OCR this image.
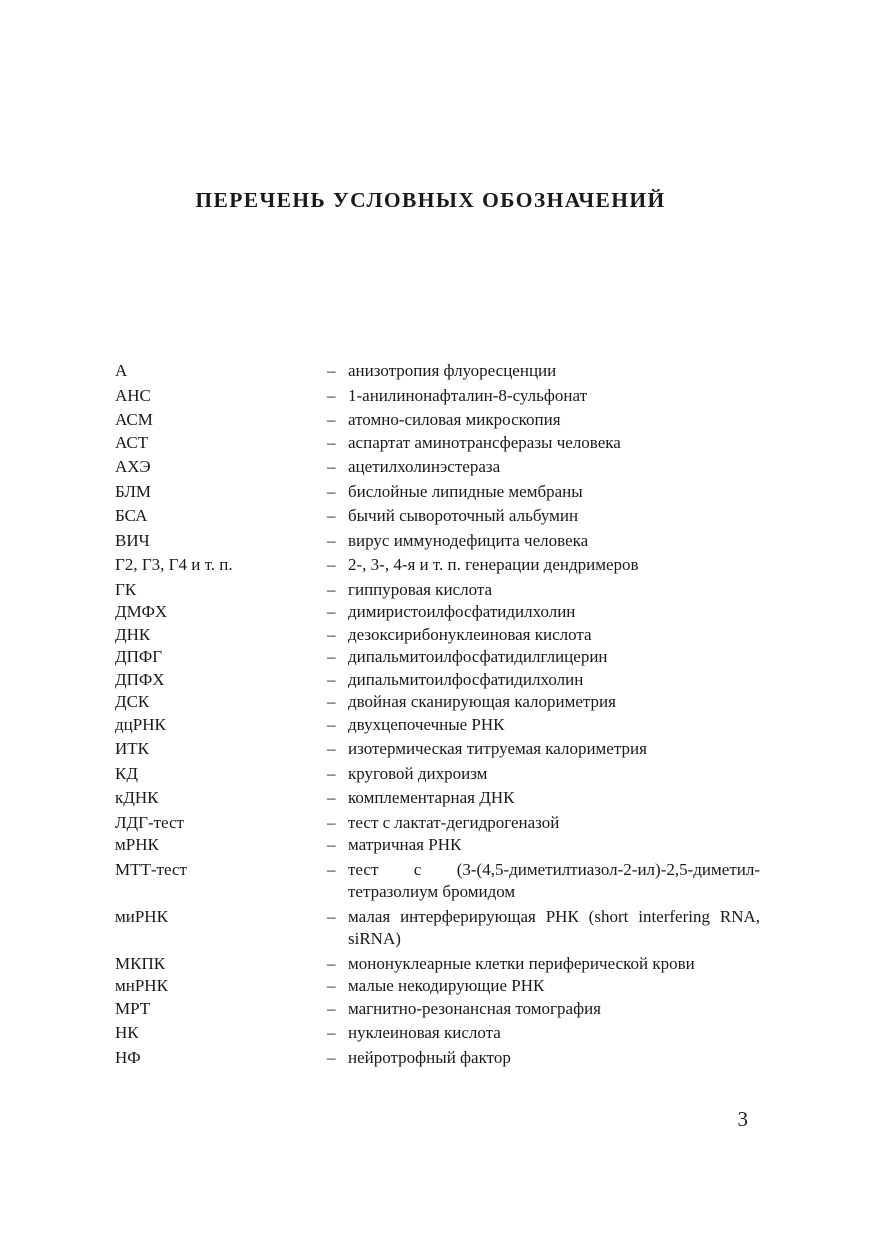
ПЕРЕЧЕНЬ УСЛОВНЫХ ОБОЗНАЧЕНИЙ
А	– анизотропия флуоресценции
АНС	– 1-анилинонафталин-8-сульфонат
АСМ	– атомно-силовая микроскопия
АСТ	– аспартат аминотрансферазы человека
АХЭ	– ацетилхолинэстераза
БЛМ	– бислойные липидные мембраны
БСА	– бычий сывороточный альбумин
ВИЧ	– вирус иммунодефицита человека
Г2, Г3, Г4 и т. п.	– 2-, 3-, 4-я и т. п. генерации дендримеров
ГК	– гиппуровая кислота
ДМФХ	– димиристоилфосфатидилхолин
ДНК	– дезоксирибонуклеиновая кислота
ДПФГ	– дипальмитоилфосфатидилглицерин
ДПФХ	– дипальмитоилфосфатидилхолин
ДСК	– двойная сканирующая калориметрия
дцРНК	– двухцепочечные РНК
ИТК	– изотермическая титруемая калориметрия
КД	– круговой дихроизм
кДНК	– комплементарная ДНК
ЛДГ-тест	– тест с лактат-дегидрогеназой
мРНК	– матричная РНК
МТТ-тест	– тест с (3-(4,5-диметилтиазол-2-ил)-2,5-диметил-тетразолиум бромидом
миРНК	– малая интерферирующая РНК (short interfering RNA, siRNA)
МКПК	– мононуклеарные клетки периферической крови
мнРНК	– малые некодирующие РНК
МРТ	– магнитно-резонансная томография
НК	– нуклеиновая кислота
НФ	– нейротрофный фактор
3
